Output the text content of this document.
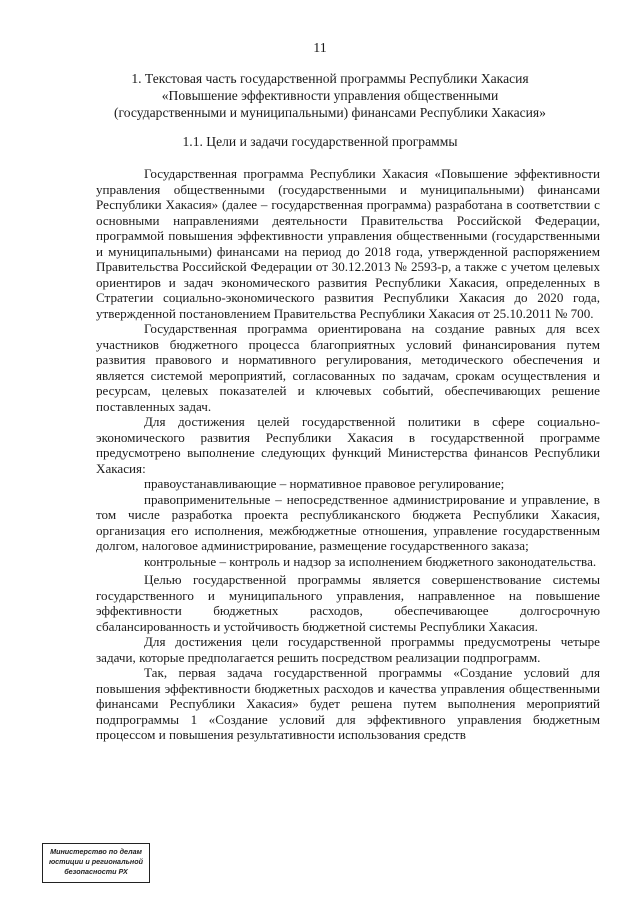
11
1. Текстовая часть государственной программы Республики Хакасия
«Повышение эффективности управления общественными
(государственными и муниципальными) финансами Республики Хакасия»
1.1. Цели и задачи государственной программы

Государственная программа Республики Хакасия «Повышение эффективности управления общественными (государственными и муниципальными) финансами Республики Хакасия» (далее – государственная программа) разработана в соответствии с основными направлениями деятельности Правительства Российской Федерации, программой повышения эффективности управления общественными (государственными и муниципальными) финансами на период до 2018 года, утвержденной распоряжением Правительства Российской Федерации от 30.12.2013 № 2593-р, а также с учетом целевых ориентиров и задач экономического развития Республики Хакасия, определенных в Стратегии социально-экономического развития Республики Хакасия до 2020 года, утвержденной постановлением Правительства Республики Хакасия от 25.10.2011 № 700.

Государственная программа ориентирована на создание равных для всех участников бюджетного процесса благоприятных условий финансирования путем развития правового и нормативного регулирования, методического обеспечения и является системой мероприятий, согласованных по задачам, срокам осуществления и ресурсам, целевых показателей и ключевых событий, обеспечивающих решение поставленных задач.

Для достижения целей государственной политики в сфере социально-экономического развития Республики Хакасия в государственной программе предусмотрено выполнение следующих функций Министерства финансов Республики Хакасия:

правоустанавливающие – нормативное правовое регулирование;

правоприменительные – непосредственное администрирование и управление, в том числе разработка проекта республиканского бюджета Республики Хакасия, организация его исполнения, межбюджетные отношения, управление государственным долгом, налоговое администрирование, размещение государственного заказа;

контрольные – контроль и надзор за исполнением бюджетного законодательства.

Целью государственной программы является совершенствование системы государственного и муниципального управления, направленное на повышение эффективности бюджетных расходов, обеспечивающее долгосрочную сбалансированность и устойчивость бюджетной системы Республики Хакасия.

Для достижения цели государственной программы предусмотрены четыре задачи, которые предполагается решить посредством реализации подпрограмм.

Так, первая задача государственной программы «Создание условий для повышения эффективности бюджетных расходов и качества управления общественными финансами Республики Хакасия» будет решена путем выполнения мероприятий подпрограммы 1 «Создание условий для эффективного управления бюджетным процессом и повышения результативности использования средств

Министерство по делам
юстиции и региональной
безопасности РХ
